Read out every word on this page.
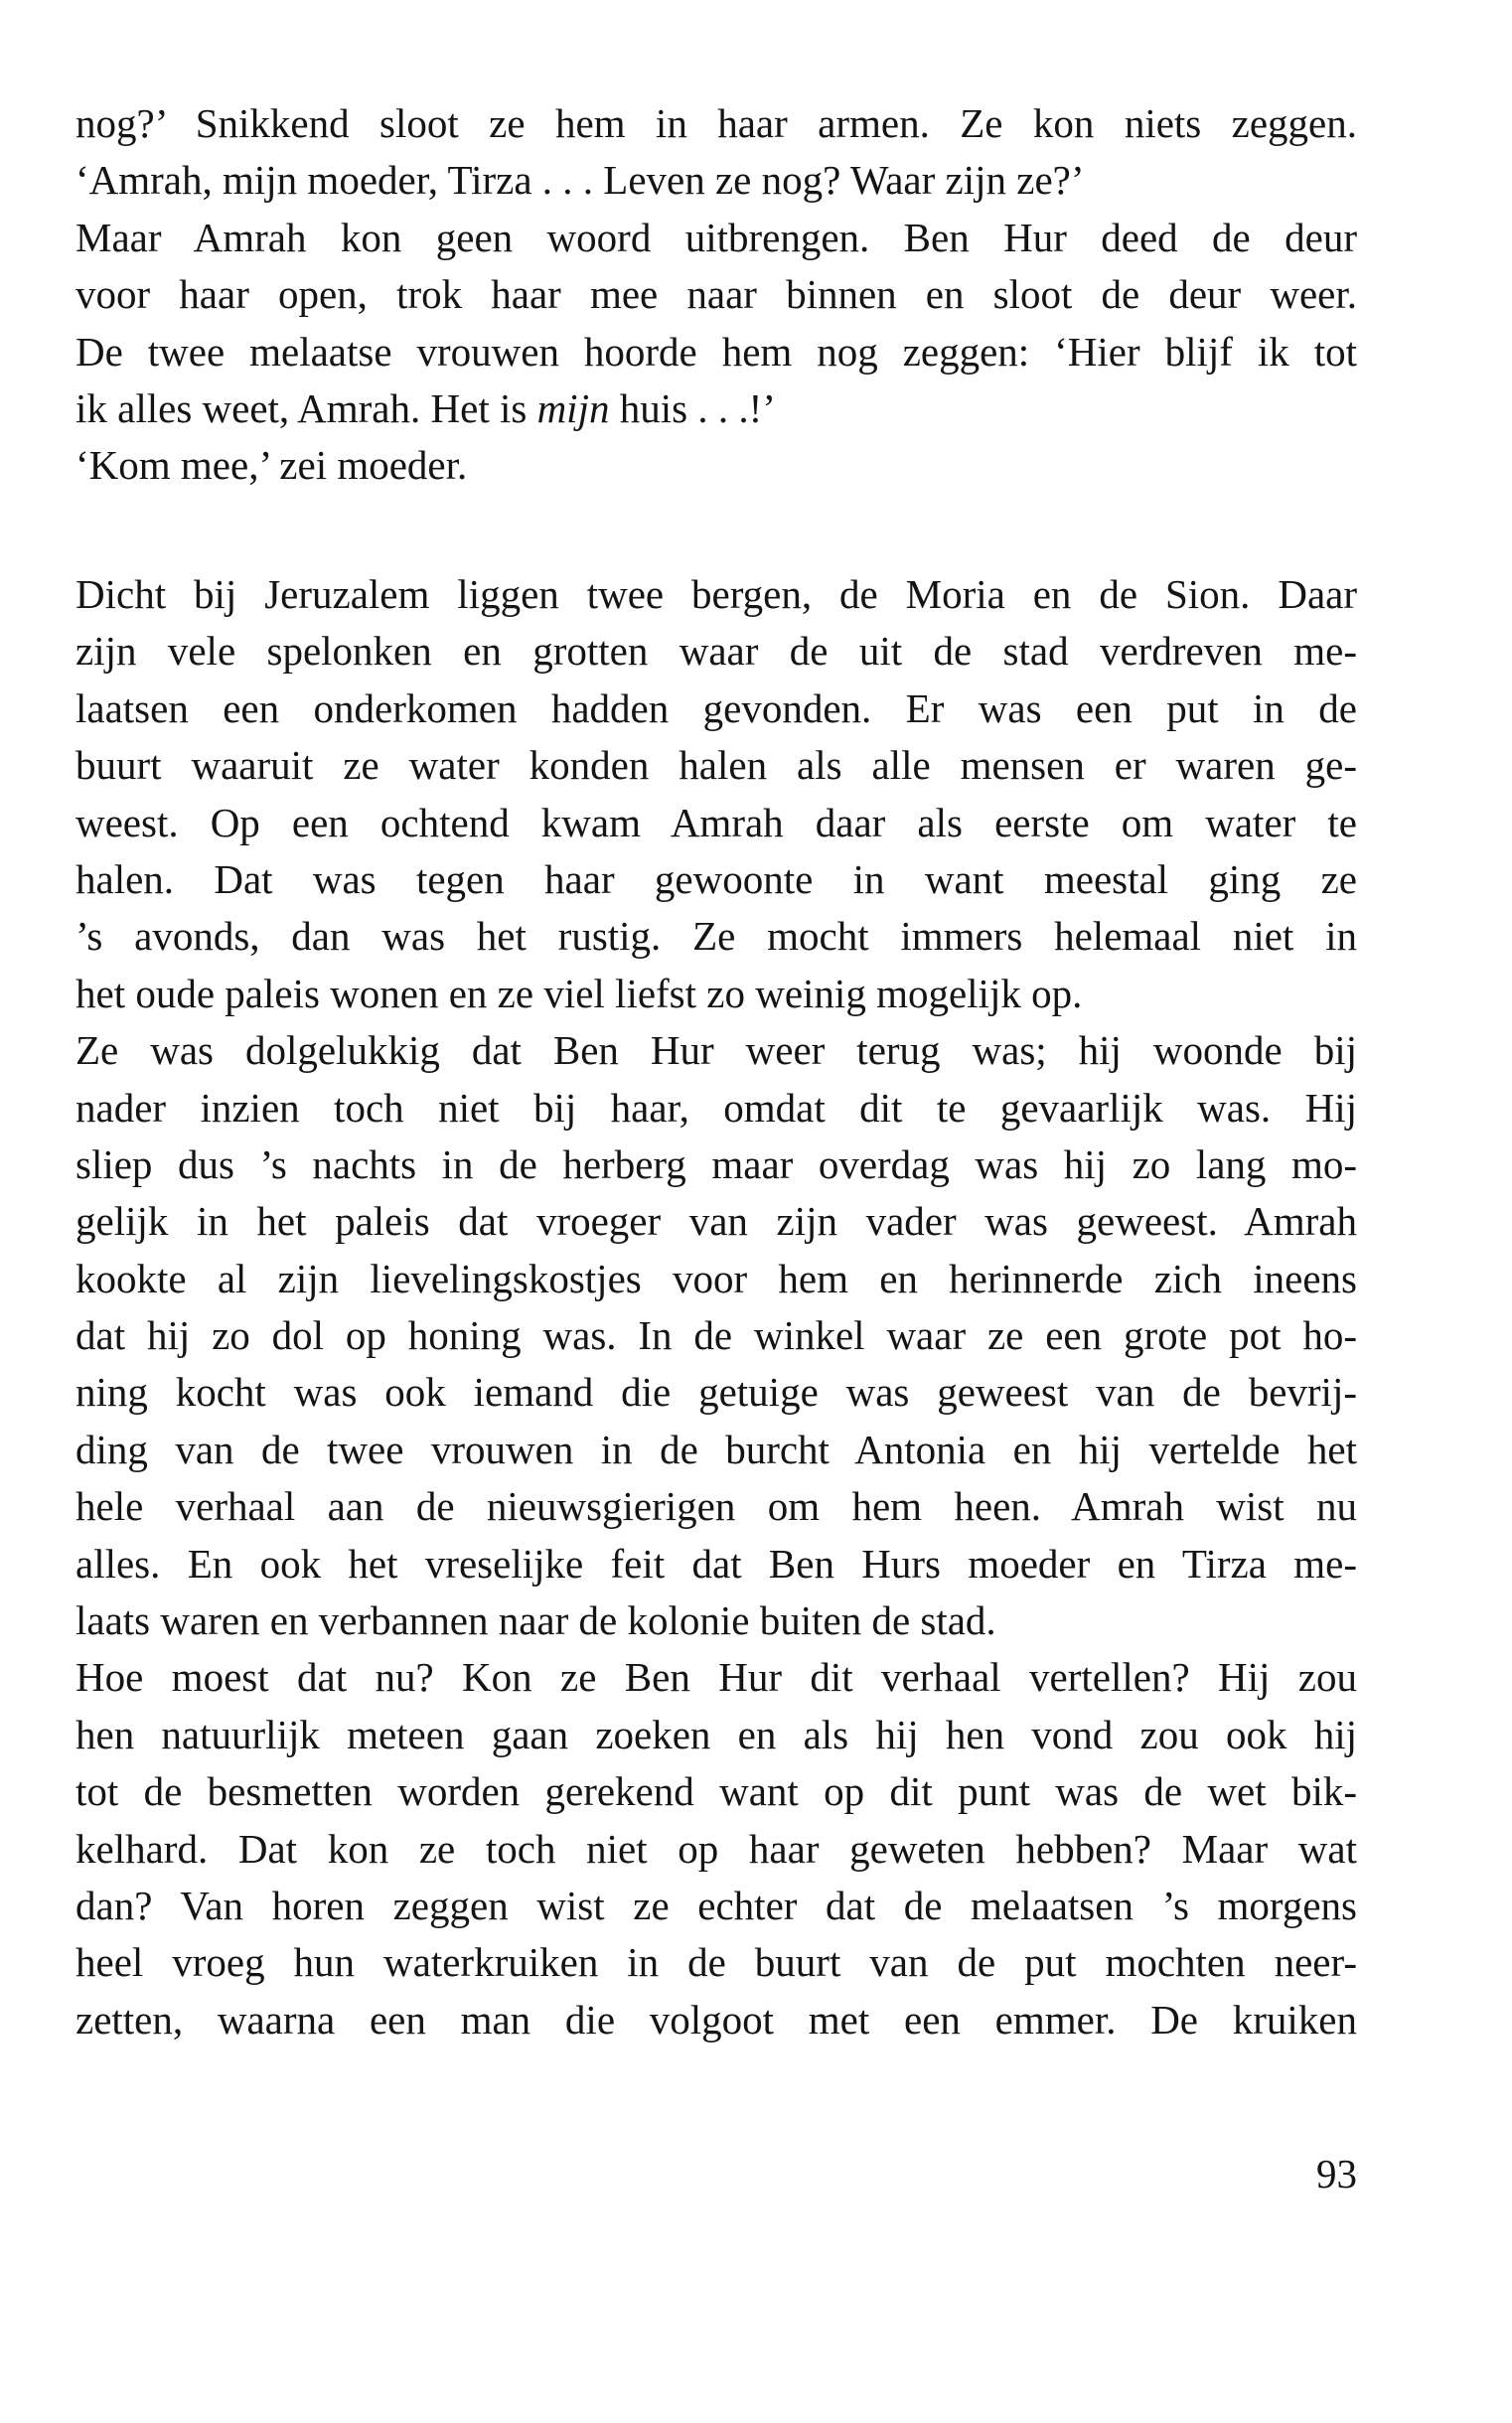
nog?’ Snikkend sloot ze hem in haar armen. Ze kon niets zeggen.
‘Amrah, mijn moeder, Tirza . . . Leven ze nog? Waar zijn ze?’
Maar Amrah kon geen woord uitbrengen. Ben Hur deed de deur
voor haar open, trok haar mee naar binnen en sloot de deur weer.
De twee melaatse vrouwen hoorde hem nog zeggen: ‘Hier blijf ik tot
ik alles weet, Amrah. Het is mijn huis . . .!’
‘Kom mee,’ zei moeder.
Dicht bij Jeruzalem liggen twee bergen, de Moria en de Sion. Daar
zijn vele spelonken en grotten waar de uit de stad verdreven me-
laatsen een onderkomen hadden gevonden. Er was een put in de
buurt waaruit ze water konden halen als alle mensen er waren ge-
weest. Op een ochtend kwam Amrah daar als eerste om water te
halen. Dat was tegen haar gewoonte in want meestal ging ze
’s avonds, dan was het rustig. Ze mocht immers helemaal niet in
het oude paleis wonen en ze viel liefst zo weinig mogelijk op.
Ze was dolgelukkig dat Ben Hur weer terug was; hij woonde bij
nader inzien toch niet bij haar, omdat dit te gevaarlijk was. Hij
sliep dus ’s nachts in de herberg maar overdag was hij zo lang mo-
gelijk in het paleis dat vroeger van zijn vader was geweest. Amrah
kookte al zijn lievelingskostjes voor hem en herinnerde zich ineens
dat hij zo dol op honing was. In de winkel waar ze een grote pot ho-
ning kocht was ook iemand die getuige was geweest van de bevrij-
ding van de twee vrouwen in de burcht Antonia en hij vertelde het
hele verhaal aan de nieuwsgierigen om hem heen. Amrah wist nu
alles. En ook het vreselijke feit dat Ben Hurs moeder en Tirza me-
laats waren en verbannen naar de kolonie buiten de stad.
Hoe moest dat nu? Kon ze Ben Hur dit verhaal vertellen? Hij zou
hen natuurlijk meteen gaan zoeken en als hij hen vond zou ook hij
tot de besmetten worden gerekend want op dit punt was de wet bik-
kelhard. Dat kon ze toch niet op haar geweten hebben? Maar wat
dan? Van horen zeggen wist ze echter dat de melaatsen ’s morgens
heel vroeg hun waterkruiken in de buurt van de put mochten neer-
zetten, waarna een man die volgoot met een emmer. De kruiken
93
